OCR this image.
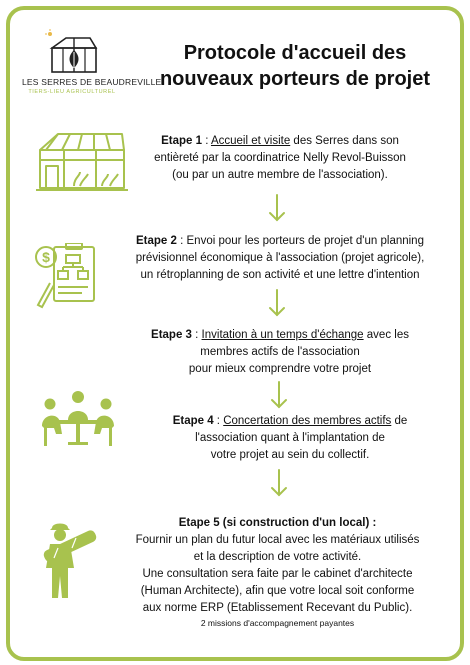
LES SERRES DE BEAUDREVILLE
TIERS-LIEU AGRICULTUREL
Protocole d'accueil des
nouveaux porteurs de projet
Etape 1 : Accueil et visite des Serres dans son
entièreté par la coordinatrice Nelly Revol-Buisson
(ou par un autre membre de l'association).
$
Etape 2 : Envoi pour les porteurs de projet d'un planning
prévisionnel économique à l'association (projet agricole),
un rétroplanning de son activité et une lettre d'intention
Etape 3 : Invitation à un temps d'échange avec les
membres actifs de l'association
pour mieux comprendre votre projet
Etape 4 : Concertation des membres actifs de
l'association quant à l'implantation de
votre projet au sein du collectif.
Etape 5 (si construction d'un local) :
Fournir un plan du futur local avec les matériaux utilisés
et la description de votre activité.
Une consultation sera faite par le cabinet d'architecte
(Human Architecte), afin que votre local soit conforme
aux norme ERP (Etablissement Recevant du Public).
2 missions d'accompagnement payantes
